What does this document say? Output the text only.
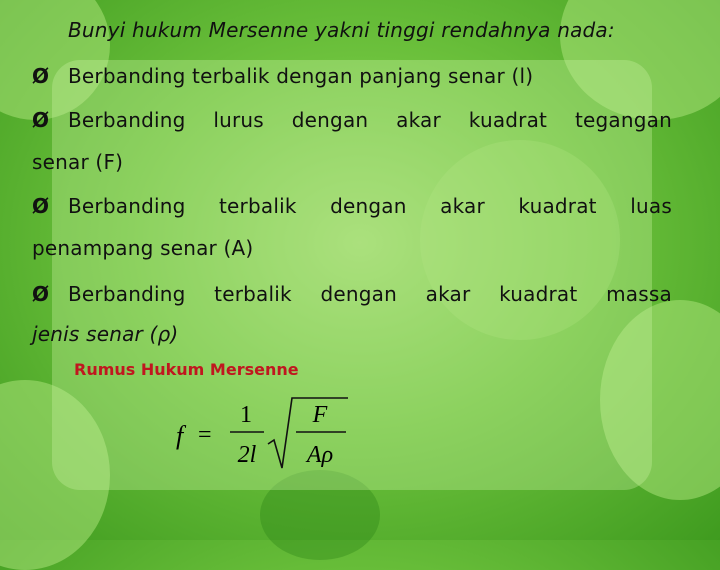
Bunyi hukum Mersenne yakni tinggi rendahnya nada:
Ø Berbanding terbalik dengan panjang senar (l)
Ø Berbanding lurus dengan akar kuadrat tegangan
senar (F)
Ø Berbanding terbalik dengan akar kuadrat luas
penampang senar (A)
Ø Berbanding terbalik dengan akar kuadrat massa
jenis senar (ρ)
Rumus Hukum Mersenne
f =
1
2l
F
Aρ
